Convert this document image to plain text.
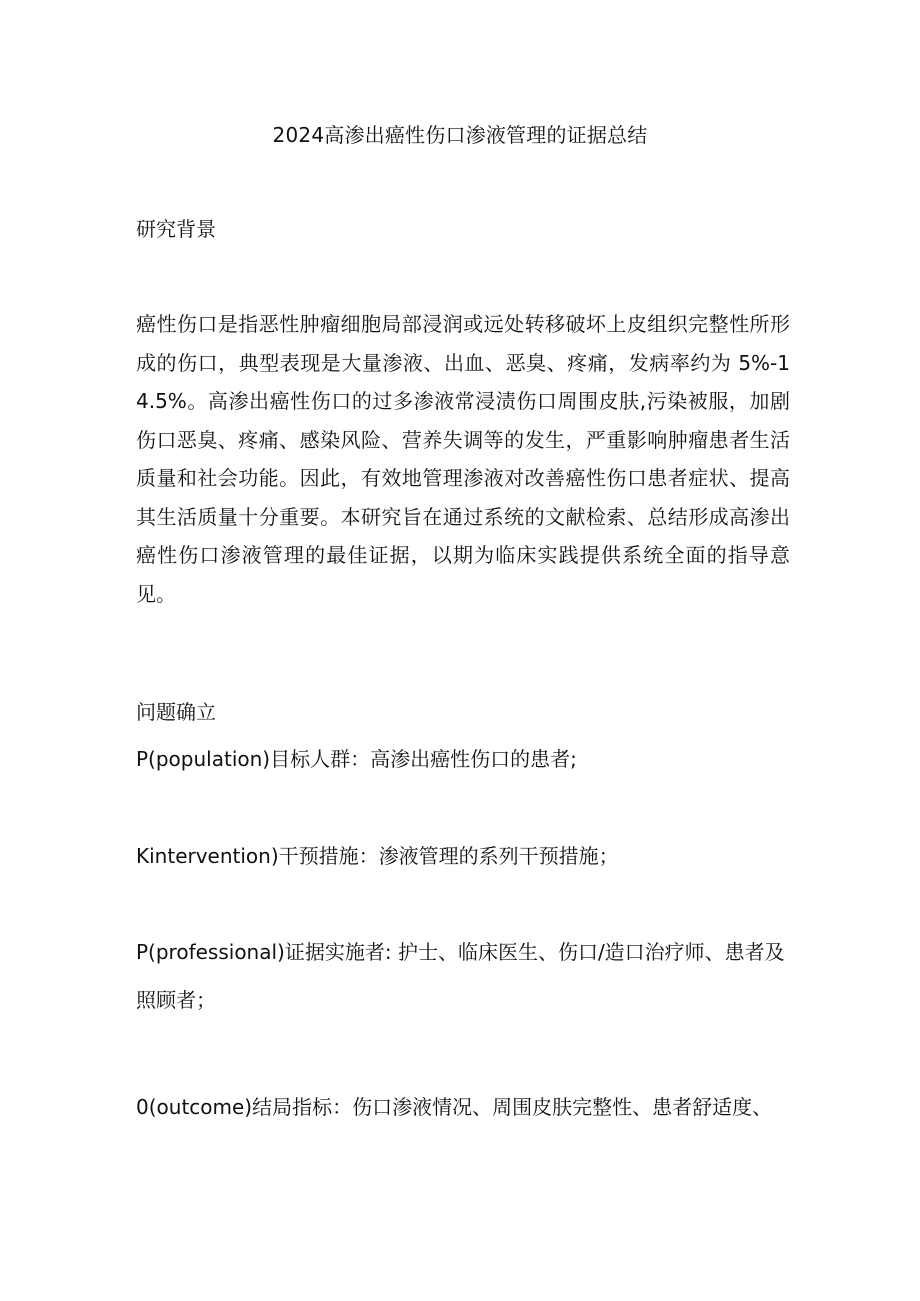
2024高渗出癌性伤口渗液管理的证据总结
研究背景

癌性伤口是指恶性肿瘤细胞局部浸润或远处转移破坏上皮组织完整性所形成的伤口，典型表现是大量渗液、出血、恶臭、疼痛，发病率约为 5%-14.5%。高渗出癌性伤口的过多渗液常浸渍伤口周围皮肤,污染被服，加剧伤口恶臭、疼痛、感染风险、营养失调等的发生，严重影响肿瘤患者生活质量和社会功能。因此，有效地管理渗液对改善癌性伤口患者症状、提高其生活质量十分重要。本研究旨在通过系统的文献检索、总结形成高渗出癌性伤口渗液管理的最佳证据，以期为临床实践提供系统全面的指导意见。

问题确立
P(population)目标人群：高渗出癌性伤口的患者;
Kintervention)干预措施：渗液管理的系列干预措施；

P(professional)证据实施者: 护士、临床医生、伤口/造口治疗师、患者及照顾者；

0(outcome)结局指标：伤口渗液情况、周围皮肤完整性、患者舒适度、
